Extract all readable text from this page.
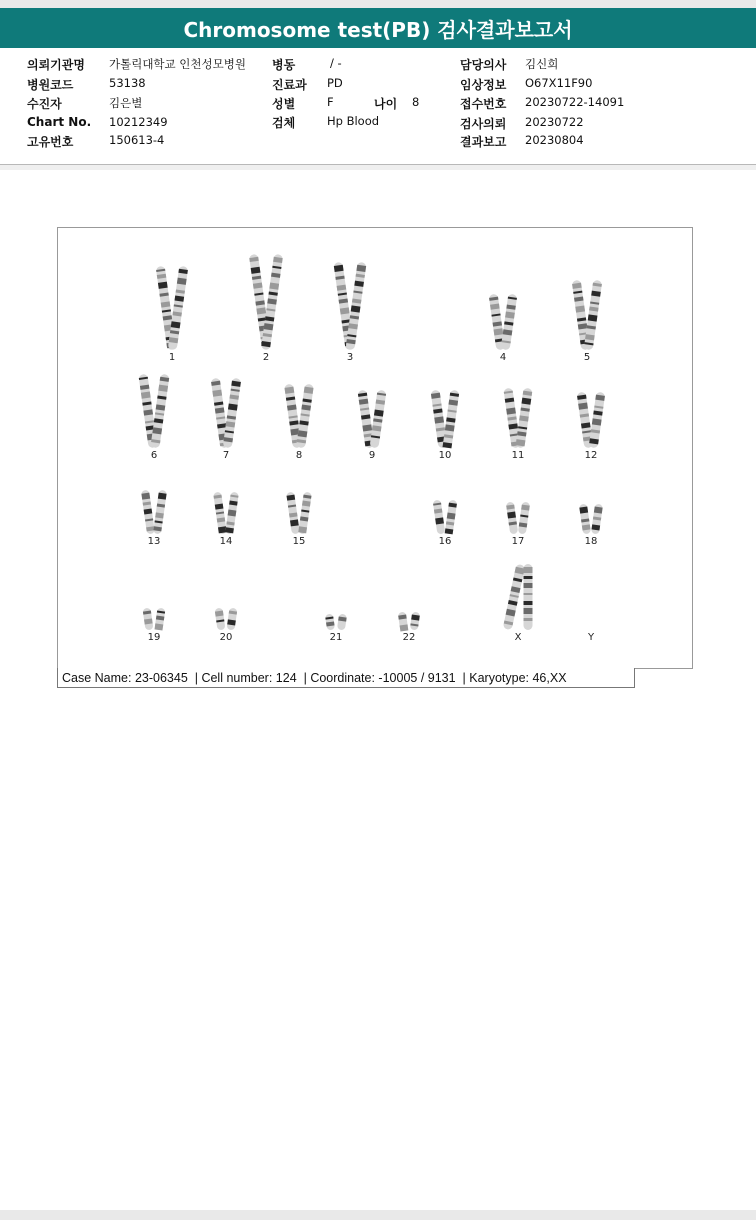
Chromosome test(PB) 검사결과보고서
의뢰기관명 가톨릭대학교 인천성모병원
병원코드	53138
수진자	김은별
Chart No. 10212349
고유번호	150613-4
병동	/ -
진료과 PD
성별	F	나이 8
검체	Hp Blood
담당의사 김신희
임상정보 O67X11F90
접수번호 20230722-14091
검사의뢰 20230722
결과보고 20230804
1	2	3	4	5
6	7	8	9	10	11	12
13	14	15	16	17	18
19	20	21	22	X	Y
Case Name: 23-06345
| Cell number: 124
| Coordinate: -10005 / 9131
| Karyotype: 46,XX
